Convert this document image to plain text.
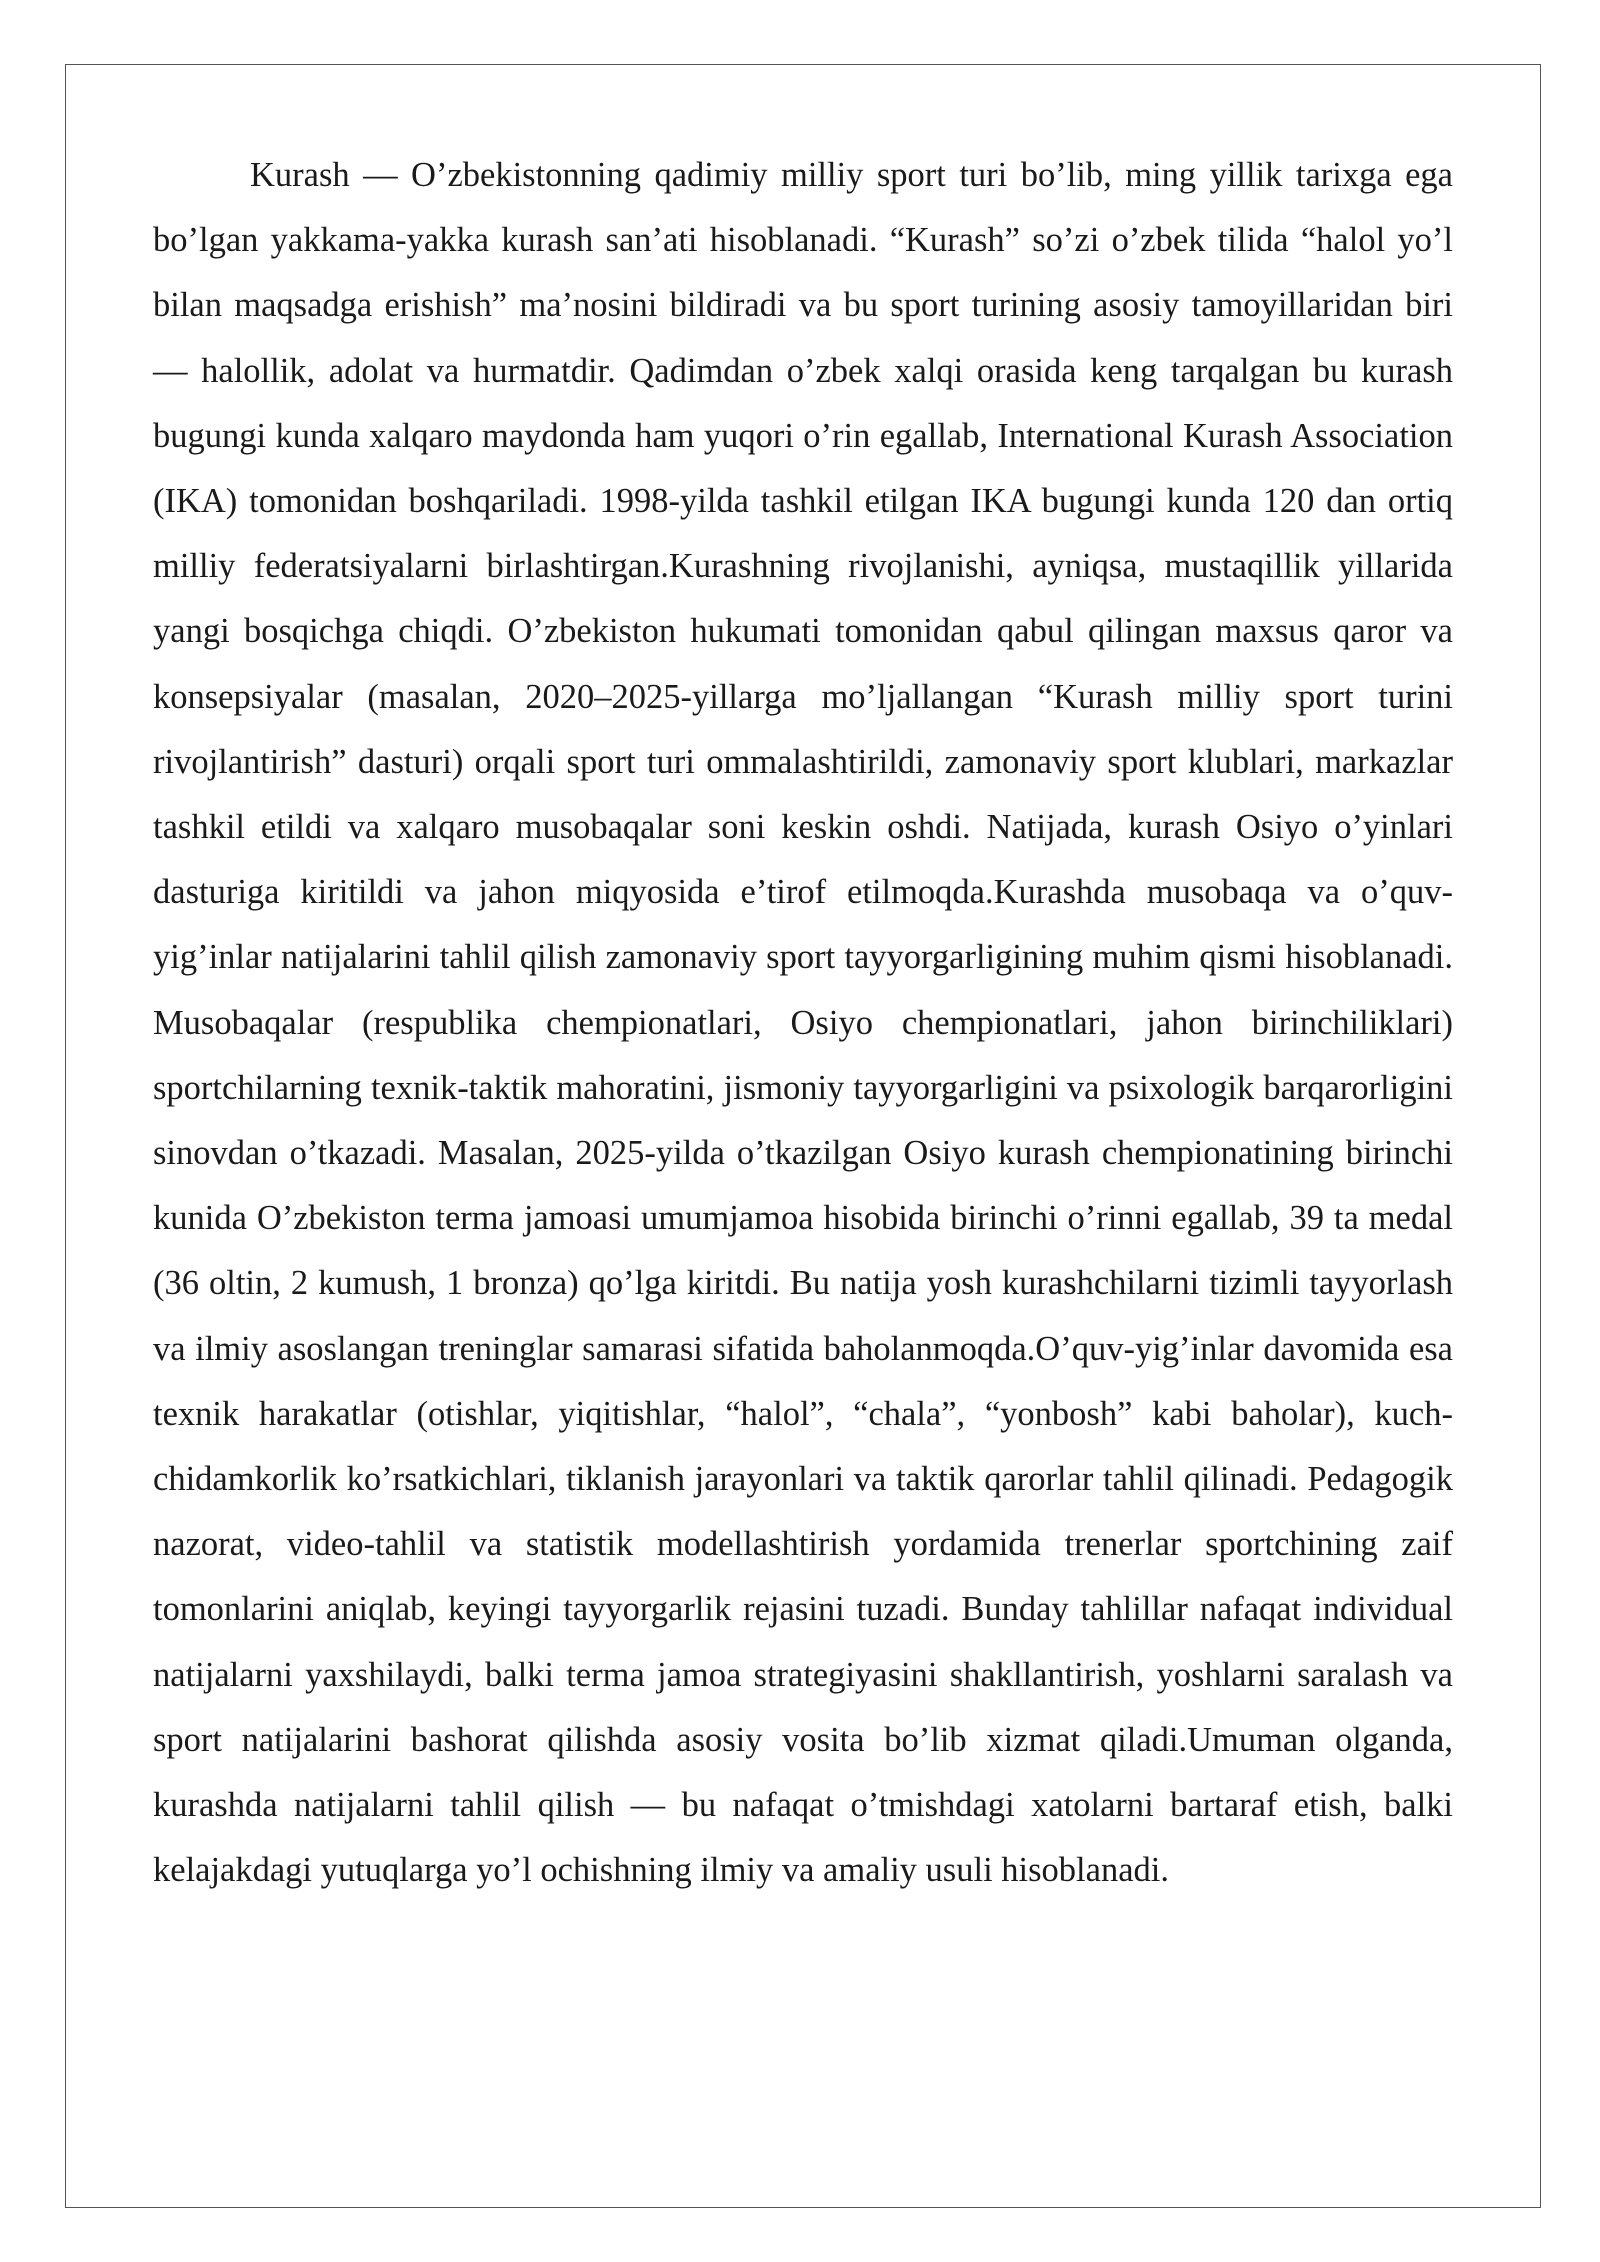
Kurash — O’zbekistonning qadimiy milliy sport turi bo’lib, ming yillik tarixga ega bo’lgan yakkama-yakka kurash san’ati hisoblanadi. “Kurash” so’zi o’zbek tilida “halol yo’l bilan maqsadga erishish” ma’nosini bildiradi va bu sport turining asosiy tamoyillaridan biri — halollik, adolat va hurmatdir. Qadimdan o’zbek xalqi orasida keng tarqalgan bu kurash bugungi kunda xalqaro maydonda ham yuqori o’rin egallab, International Kurash Association (IKA) tomonidan boshqariladi. 1998-yilda tashkil etilgan IKA bugungi kunda 120 dan ortiq milliy federatsiyalarni birlashtirgan.Kurashning rivojlanishi, ayniqsa, mustaqillik yillarida yangi bosqichga chiqdi. O’zbekiston hukumati tomonidan qabul qilingan maxsus qaror va konsepsiyalar (masalan, 2020–2025-yillarga mo’ljallangan “Kurash milliy sport turini rivojlantirish” dasturi) orqali sport turi ommalashtirildi, zamonaviy sport klublari, markazlar tashkil etildi va xalqaro musobaqalar soni keskin oshdi. Natijada, kurash Osiyo o’yinlari dasturiga kiritildi va jahon miqyosida e’tirof etilmoqda.Kurashda musobaqa va o’quv-yig’inlar natijalarini tahlil qilish zamonaviy sport tayyorgarligining muhim qismi hisoblanadi. Musobaqalar (respublika chempionatlari, Osiyo chempionatlari, jahon birinchiliklari) sportchilarning texnik-taktik mahoratini, jismoniy tayyorgarligini va psixologik barqarorligini sinovdan o’tkazadi. Masalan, 2025-yilda o’tkazilgan Osiyo kurash chempionatining birinchi kunida O’zbekiston terma jamoasi umumjamoa hisobida birinchi o’rinni egallab, 39 ta medal (36 oltin, 2 kumush, 1 bronza) qo’lga kiritdi. Bu natija yosh kurashchilarni tizimli tayyorlash va ilmiy asoslangan treninglar samarasi sifatida baholanmoqda.O’quv-yig’inlar davomida esa texnik harakatlar (otishlar, yiqitishlar, “halol”, “chala”, “yonbosh” kabi baholar), kuch-chidamkorlik ko’rsatkichlari, tiklanish jarayonlari va taktik qarorlar tahlil qilinadi. Pedagogik nazorat, video-tahlil va statistik modellashtirish yordamida trenerlar sportchining zaif tomonlarini aniqlab, keyingi tayyorgarlik rejasini tuzadi. Bunday tahlillar nafaqat individual natijalarni yaxshilaydi, balki terma jamoa strategiyasini shakllantirish, yoshlarni saralash va sport natijalarini bashorat qilishda asosiy vosita bo’lib xizmat qiladi.Umuman olganda, kurashda natijalarni tahlil qilish — bu nafaqat o’tmishdagi xatolarni bartaraf etish, balki kelajakdagi yutuqlarga yo’l ochishning ilmiy va amaliy usuli hisoblanadi.
